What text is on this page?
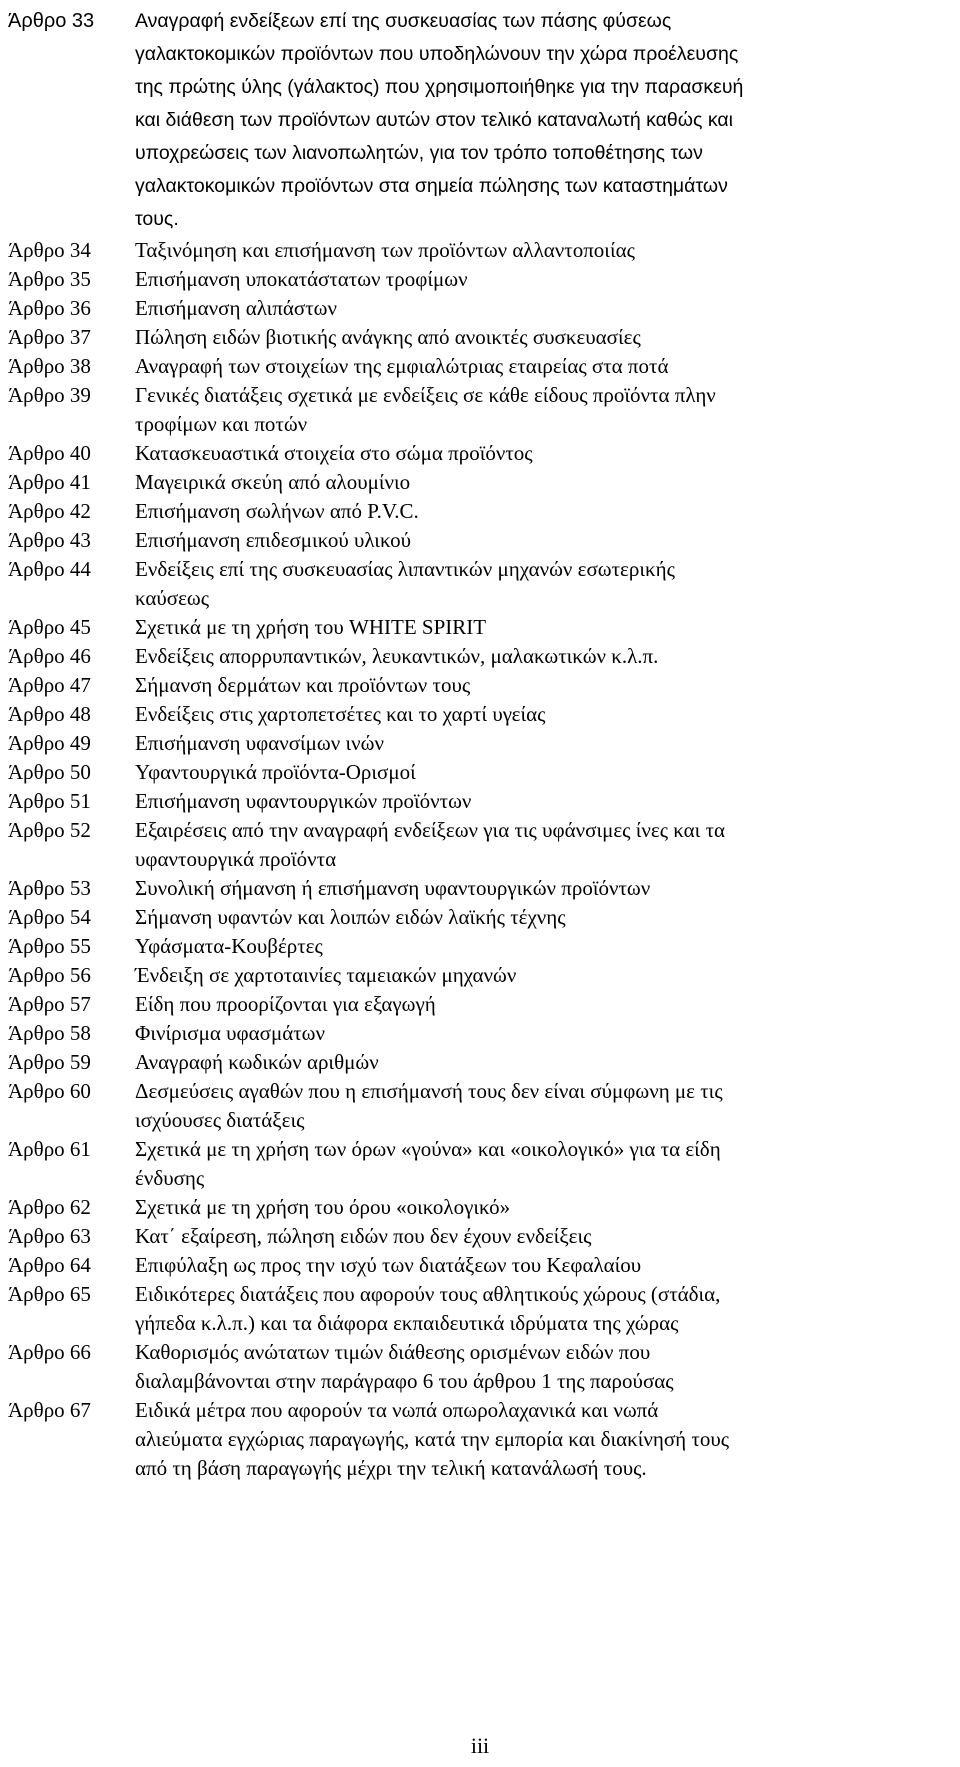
Άρθρο 33	Αναγραφή ενδείξεων επί της συσκευασίας των πάσης φύσεως
γαλακτοκομικών προϊόντων που υποδηλώνουν την χώρα προέλευσης
της πρώτης ύλης (γάλακτος) που χρησιμοποιήθηκε για την παρασκευή
και διάθεση των προϊόντων αυτών στον τελικό καταναλωτή καθώς και
υποχρεώσεις των λιανοπωλητών, για τον τρόπο τοποθέτησης των
γαλακτοκομικών προϊόντων στα σημεία πώλησης των καταστημάτων
τους.
Άρθρο 34	Ταξινόμηση και επισήμανση των προϊόντων αλλαντοποιίας
Άρθρο 35	Επισήμανση υποκατάστατων τροφίμων
Άρθρο 36	Επισήμανση αλιπάστων
Άρθρο 37	Πώληση ειδών βιοτικής ανάγκης από ανοικτές συσκευασίες
Άρθρο 38	Αναγραφή των στοιχείων της εμφιαλώτριας εταιρείας στα ποτά
Άρθρο 39	Γενικές διατάξεις σχετικά με ενδείξεις σε κάθε είδους προϊόντα πλην
τροφίμων και ποτών
Άρθρο 40	Κατασκευαστικά στοιχεία στο σώμα προϊόντος
Άρθρο 41	Μαγειρικά σκεύη από αλουμίνιο
Άρθρο 42	Επισήμανση σωλήνων από P.V.C.
Άρθρο 43	Επισήμανση επιδεσμικού υλικού
Άρθρο 44	Ενδείξεις επί της συσκευασίας λιπαντικών μηχανών εσωτερικής
καύσεως
Άρθρο 45	Σχετικά με τη χρήση του WHITE SPIRIT
Άρθρο 46	Ενδείξεις απορρυπαντικών, λευκαντικών, μαλακωτικών κ.λ.π.
Άρθρο 47	Σήμανση δερμάτων και προϊόντων τους
Άρθρο 48	Ενδείξεις στις χαρτοπετσέτες και το χαρτί υγείας
Άρθρο 49	Επισήμανση υφανσίμων ινών
Άρθρο 50	Υφαντουργικά προϊόντα-Ορισμοί
Άρθρο 51	Επισήμανση υφαντουργικών προϊόντων
Άρθρο 52	Εξαιρέσεις από την αναγραφή ενδείξεων για τις υφάνσιμες ίνες και τα
υφαντουργικά προϊόντα
Άρθρο 53	Συνολική σήμανση ή επισήμανση υφαντουργικών προϊόντων
Άρθρο 54	Σήμανση υφαντών και λοιπών ειδών λαϊκής τέχνης
Άρθρο 55	Υφάσματα-Κουβέρτες
Άρθρο 56	Ένδειξη σε χαρτοταινίες ταμειακών μηχανών
Άρθρο 57	Είδη που προορίζονται για εξαγωγή
Άρθρο 58	Φινίρισμα υφασμάτων
Άρθρο 59	Αναγραφή κωδικών αριθμών
Άρθρο 60	Δεσμεύσεις αγαθών που η επισήμανσή τους δεν είναι σύμφωνη με τις
ισχύουσες διατάξεις
Άρθρο 61	Σχετικά με τη χρήση των όρων «γούνα» και «οικολογικό» για τα είδη
ένδυσης
Άρθρο 62	Σχετικά με τη χρήση του όρου «οικολογικό»
Άρθρο 63	Κατ΄ εξαίρεση, πώληση ειδών που δεν έχουν ενδείξεις
Άρθρο 64	Επιφύλαξη ως προς την ισχύ των διατάξεων του Κεφαλαίου
Άρθρο 65	Ειδικότερες διατάξεις που αφορούν τους αθλητικούς χώρους (στάδια,
γήπεδα κ.λ.π.) και τα διάφορα εκπαιδευτικά ιδρύματα της χώρας
Άρθρο 66	Καθορισμός ανώτατων τιμών διάθεσης ορισμένων ειδών που
διαλαμβάνονται στην παράγραφο 6 του άρθρου 1 της παρούσας
Άρθρο 67	Ειδικά μέτρα που αφορούν τα νωπά οπωρολαχανικά και νωπά
αλιεύματα εγχώριας παραγωγής, κατά την εμπορία και διακίνησή τους
από τη βάση παραγωγής μέχρι την τελική κατανάλωσή τους.
iii
